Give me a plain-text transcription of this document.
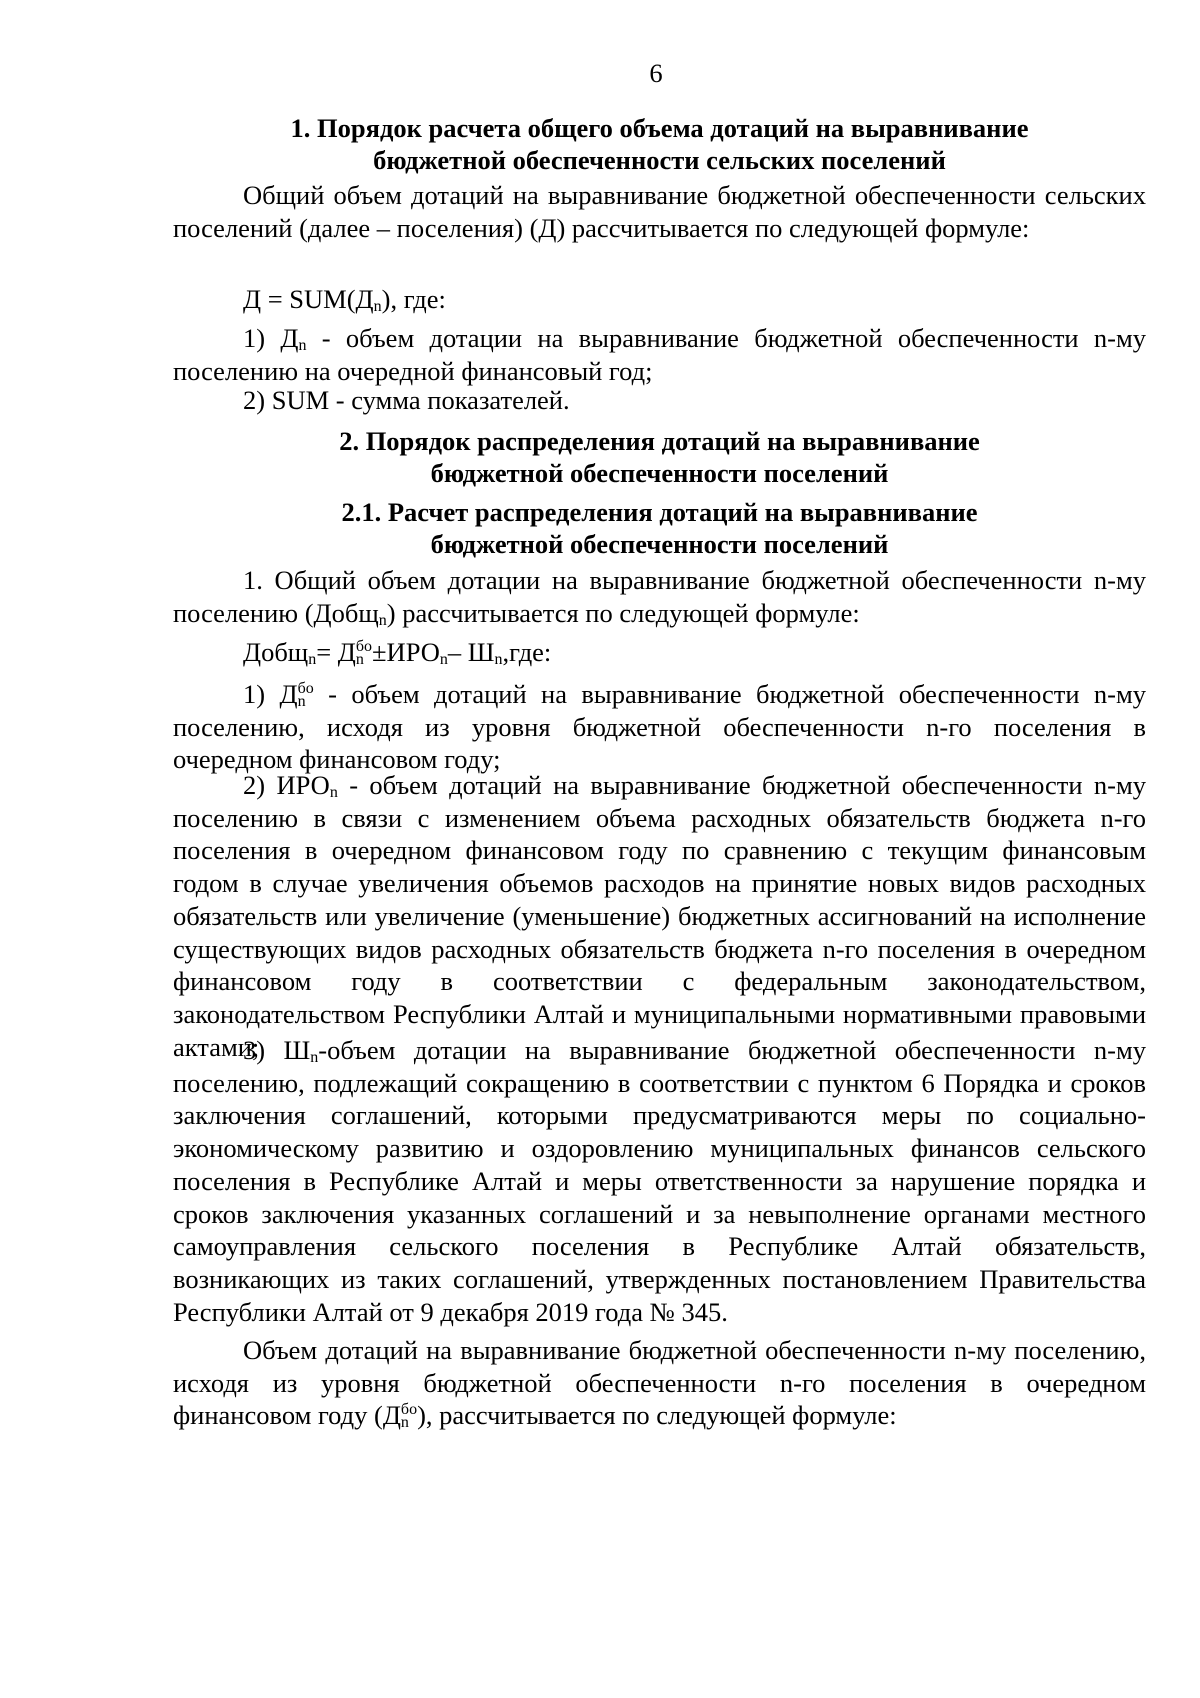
6
1. Порядок расчета общего объема дотаций на выравнивание
бюджетной обеспеченности сельских поселений
Общий объем дотаций на выравнивание бюджетной обеспеченности сельских поселений (далее – поселения) (Д) рассчитывается по следующей формуле:
$Д = SUM(Д_n)$, где:
1) $Д_n$ - объем дотации на выравнивание бюджетной обеспеченности n-му поселению на очередной финансовый год;
2) SUM - сумма показателей.
2. Порядок распределения дотаций на выравнивание
бюджетной обеспеченности поселений
2.1. Расчет распределения дотаций на выравнивание
бюджетной обеспеченности поселений
1. Общий объем дотации на выравнивание бюджетной обеспеченности n-му поселению (Добщ$_n$) рассчитывается по следующей формуле:
Добщ$_n$= $Д^{бо}_n \pm ИРО_n-$ $Ш_n,где$:
1) $Д^{бо}_n$ - объем дотаций на выравнивание бюджетной обеспеченности n-му поселению, исходя из уровня бюджетной обеспеченности n-го поселения в очередном финансовом году;
2) $ИРО_n$ - объем дотаций на выравнивание бюджетной обеспеченности n-му поселению в связи с изменением объема расходных обязательств бюджета n-го поселения в очередном финансовом году по сравнению с текущим финансовым годом в случае увеличения объемов расходов на принятие новых видов расходных обязательств или увеличение (уменьшение) бюджетных ассигнований на исполнение существующих видов расходных обязательств бюджета n-го поселения в очередном финансовом году в соответствии с федеральным законодательством, законодательством Республики Алтай и муниципальными нормативными правовыми актами;
3) $Ш_n$-объем дотации на выравнивание бюджетной обеспеченности n-му поселению, подлежащий сокращению в соответствии с пунктом 6 Порядка и сроков заключения соглашений, которыми предусматриваются меры по социально-экономическому развитию и оздоровлению муниципальных финансов сельского поселения в Республике Алтай и меры ответственности за нарушение порядка и сроков заключения указанных соглашений и за невыполнение органами местного самоуправления сельского поселения в Республике Алтай обязательств, возникающих из таких соглашений, утвержденных постановлением Правительства Республики Алтай от 9 декабря 2019 года № 345.
Объем дотаций на выравнивание бюджетной обеспеченности n-му поселению, исходя из уровня бюджетной обеспеченности n-го поселения в очередном финансовом году ($Д^{бо}_n$ ), рассчитывается по следующей формуле:
